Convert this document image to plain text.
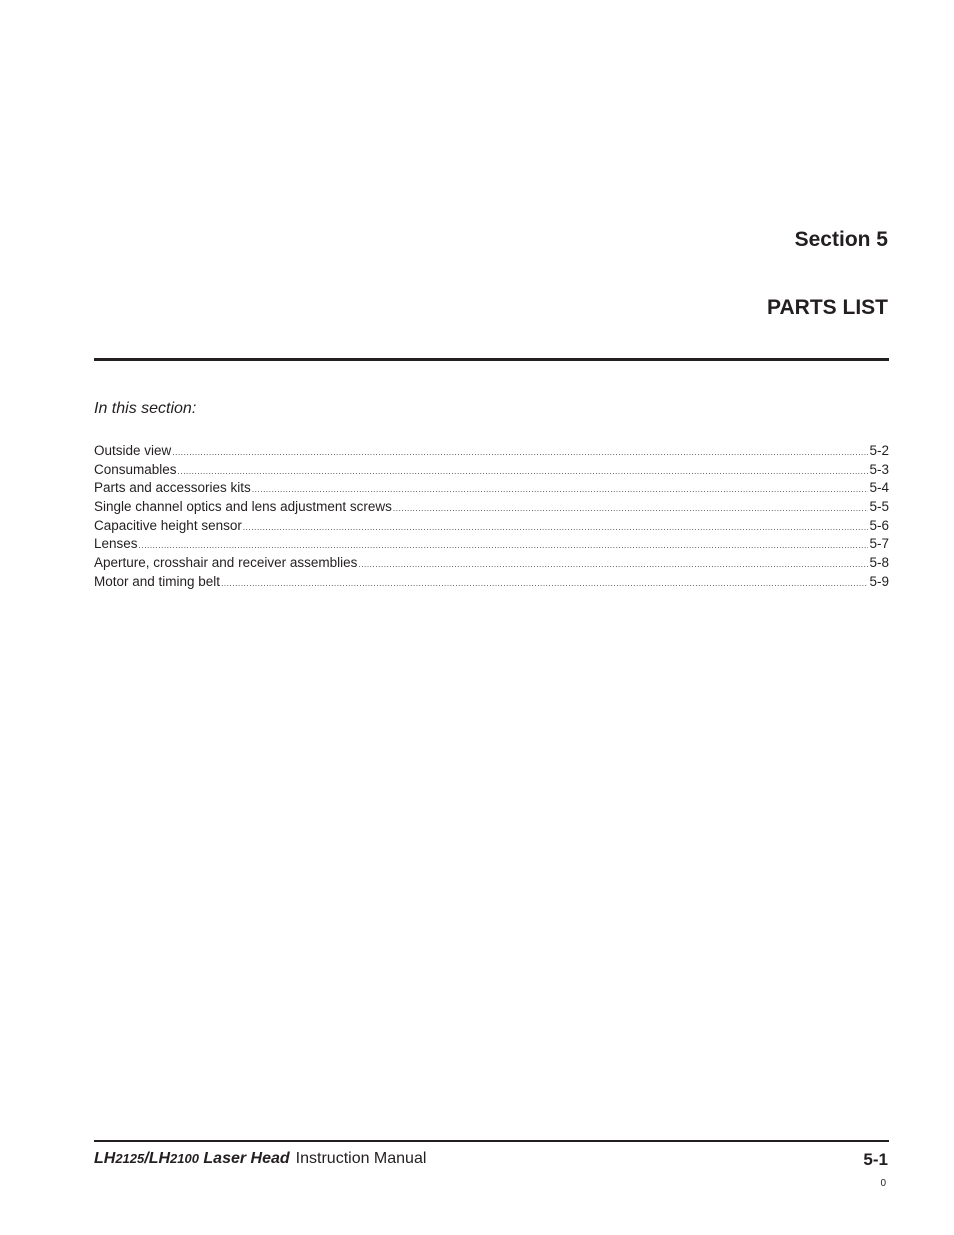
Section 5
PARTS LIST

In this section:

Outside view .....	5-2
Consumables .....	5-3
Parts and accessories kits .....	5-4
Single channel optics and lens adjustment screws .....	5-5
Capacitive height sensor .....	5-6
Lenses .....	5-7
Aperture, crosshair and receiver assemblies .....	5-8
Motor and timing belt .....	5-9

LH2125/LH2100 Laser Head Instruction Manual	5-1

0
